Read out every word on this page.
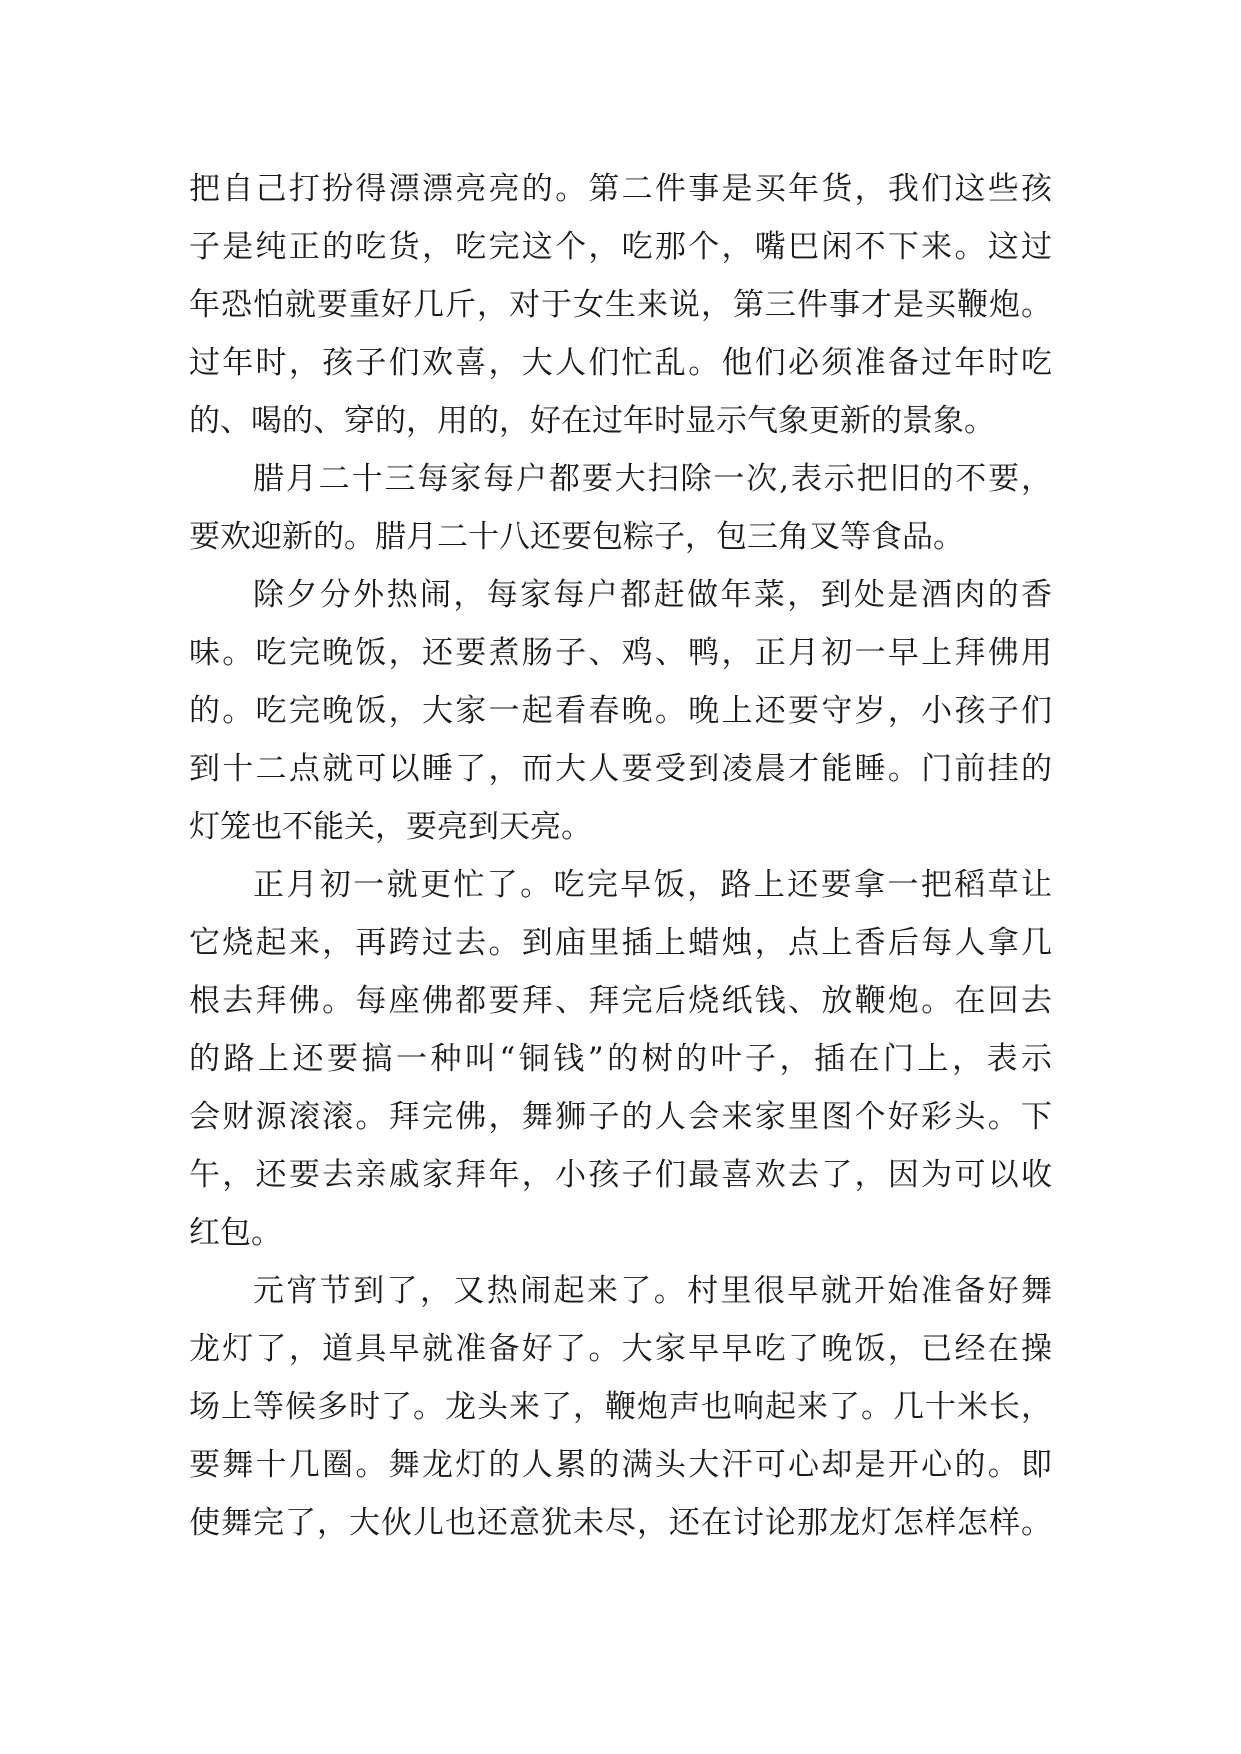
把自己打扮得漂漂亮亮的。第二件事是买年货，我们这些孩
子是纯正的吃货，吃完这个，吃那个，嘴巴闲不下来。这过
年恐怕就要重好几斤，对于女生来说，第三件事才是买鞭炮。
过年时，孩子们欢喜，大人们忙乱。他们必须准备过年时吃
的、喝的、穿的，用的，好在过年时显示气象更新的景象。
腊月二十三每家每户都要大扫除一次,表示把旧的不要，
要欢迎新的。腊月二十八还要包粽子，包三角叉等食品。
除夕分外热闹，每家每户都赶做年菜，到处是酒肉的香
味。吃完晚饭，还要煮肠子、鸡、鸭，正月初一早上拜佛用
的。吃完晚饭，大家一起看春晚。晚上还要守岁，小孩子们
到十二点就可以睡了，而大人要受到凌晨才能睡。门前挂的
灯笼也不能关，要亮到天亮。
正月初一就更忙了。吃完早饭，路上还要拿一把稻草让
它烧起来，再跨过去。到庙里插上蜡烛，点上香后每人拿几
根去拜佛。每座佛都要拜、拜完后烧纸钱、放鞭炮。在回去
的路上还要搞一种叫“铜钱”的树的叶子，插在门上，表示
会财源滚滚。拜完佛，舞狮子的人会来家里图个好彩头。下
午，还要去亲戚家拜年，小孩子们最喜欢去了，因为可以收
红包。
元宵节到了，又热闹起来了。村里很早就开始准备好舞
龙灯了，道具早就准备好了。大家早早吃了晚饭，已经在操
场上等候多时了。龙头来了，鞭炮声也响起来了。几十米长，
要舞十几圈。舞龙灯的人累的满头大汗可心却是开心的。即
使舞完了，大伙儿也还意犹未尽，还在讨论那龙灯怎样怎样。
